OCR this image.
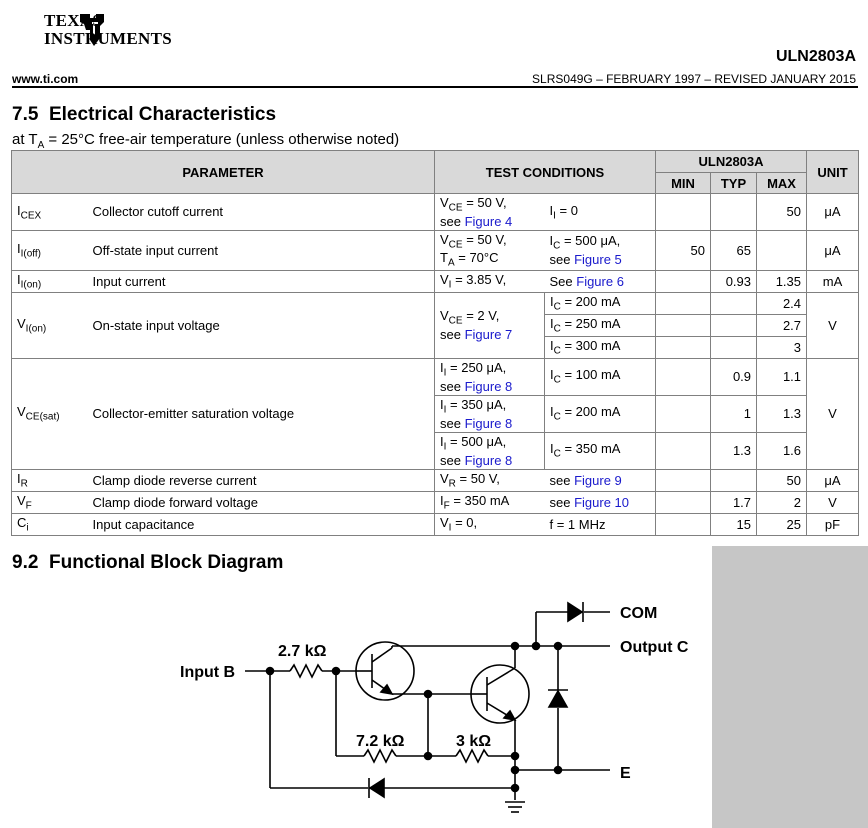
TEXAS
INSTRUMENTS
ULN2803A
www.ti.com	SLRS049G – FEBRUARY 1997 – REVISED JANUARY 2015
7.5 Electrical Characteristics
at $T_A = 25^\circ C$ free-air temperature (unless otherwise noted)
PARAMETER		TEST CONDITIONS		ULN2803A			UNIT
				MIN	TYP	MAX	
$I_{CEX}$	Collector cutoff current	$V_{CE} = 50$ V,
see Figure 4	$I_I = 0$			50	μA
$I_{I(off)}$	Off-state input current	$V_{CE} = 50$ V,
$T_A = 70^\circ C$	$I_C = 500$ μA,
see Figure 5	50	65		μA
$I_{I(on)}$	Input current	$V_I = 3.85$ V,	See Figure 6		0.93	1.35	mA
$V_{I(on)}$	On-state input voltage	$V_{CE} = 2$ V,
see Figure 7	$I_C = 200$ mA			2.4	V
			$I_C = 250$ mA			2.7	
			$I_C = 300$ mA			3	
$V_{CE(sat)}$	Collector-emitter saturation voltage	$I_I = 250$ μA,
see Figure 8	$I_C = 100$ mA		0.9	1.1	V
		$I_I = 350$ μA,
see Figure 8	$I_C = 200$ mA		1	1.3	
		$I_I = 500$ μA,
see Figure 8	$I_C = 350$ mA		1.3	1.6	
$I_R$	Clamp diode reverse current	$V_R = 50$ V,	see Figure 9			50	μA
$V_F$	Clamp diode forward voltage	$I_F = 350$ mA	see Figure 10		1.7	2	V
$C_i$	Input capacitance	$V_I = 0$,	f = 1 MHz		15	25	pF
9.2 Functional Block Diagram
COM
Output C
Input B
E
2.7 kΩ
7.2 kΩ	3 kΩ
